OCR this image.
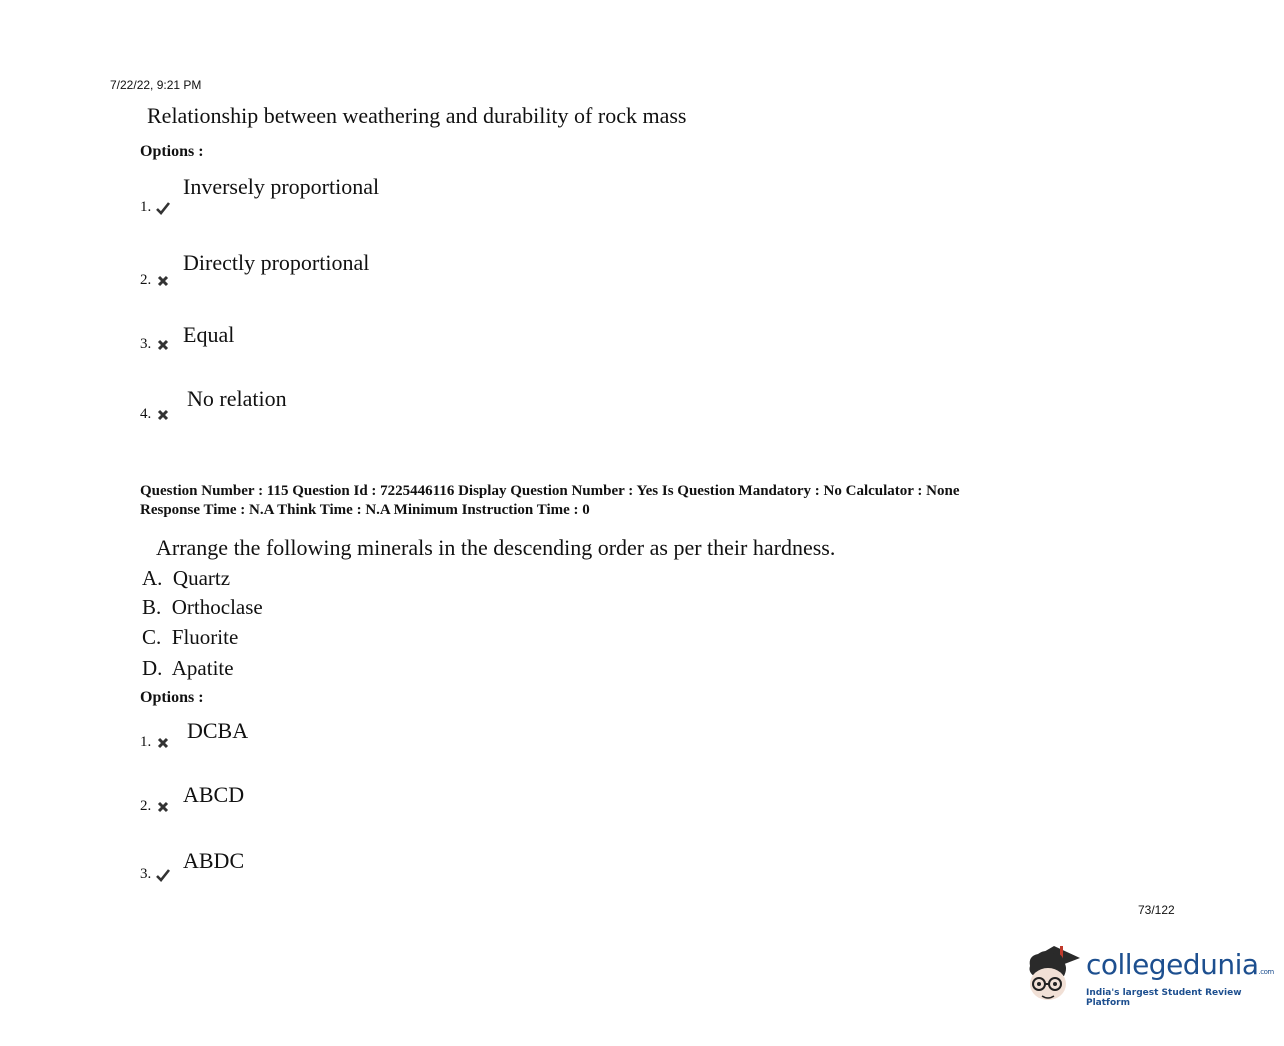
7/22/22, 9:21 PM
Relationship between weathering and durability of rock mass
Options :
1.
Inversely proportional
2.
Directly proportional
3. Equal
4.
No relation
Question Number : 115 Question Id : 7225446116 Display Question Number : Yes Is Question Mandatory : No Calculator : None
Response Time : N.A Think Time : N.A Minimum Instruction Time : 0
Arrange the following minerals in the descending order as per their hardness.
A. Quartz
B. Orthoclase
C. Fluorite
D. Apatite
Options :
1. DCBA
2. ABCD
3.
ABDC
73/122
collegedunia.com
India's largest Student Review Platform
